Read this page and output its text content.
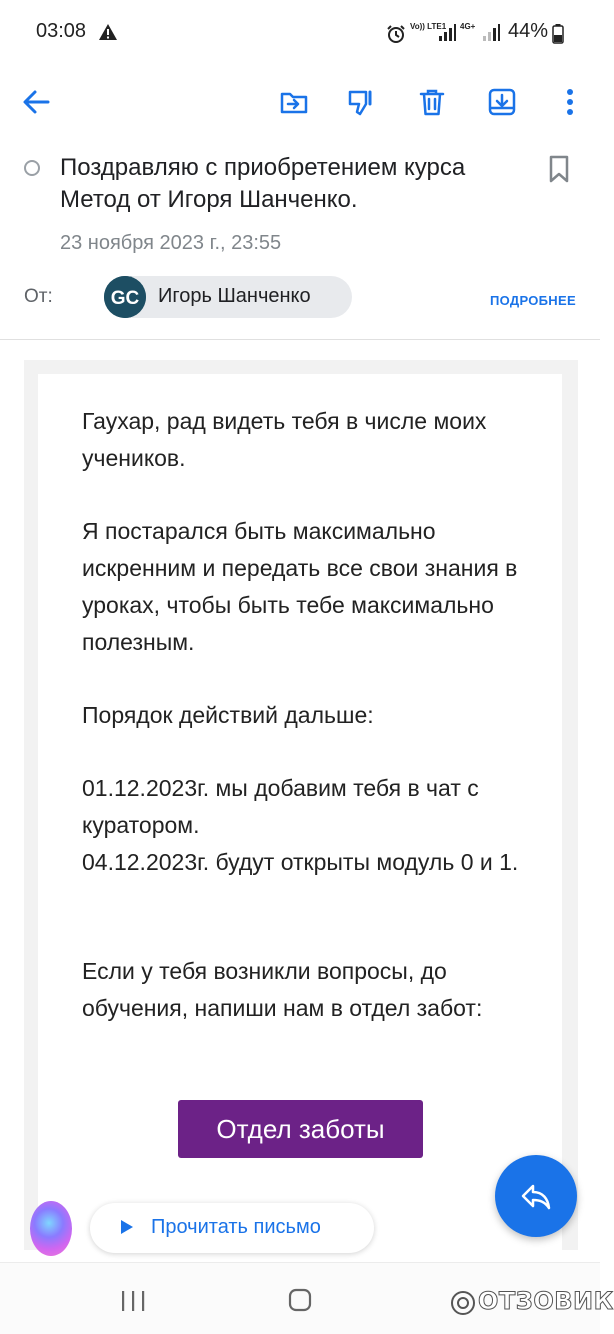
03:08	Vo)) LTE1 4G+ 44%
Поздравляю с приобретением курса Метод от Игоря Шанченко.
23 ноября 2023 г., 23:55
От:	GC Игорь Шанченко	ПОДРОБНЕЕ
Гаухар, рад видеть тебя в числе моих учеников.
Я постарался быть максимально искренним и передать все свои знания в уроках, чтобы быть тебе максимально полезным.
Порядок действий дальше:
01.12.2023г. мы добавим тебя в чат с куратором.
04.12.2023г. будут открыты модуль 0 и 1.
Если у тебя возникли вопросы, до обучения, напиши нам в отдел забот:
Отдел заботы
Прочитать письмо
ОТЗОВИК
